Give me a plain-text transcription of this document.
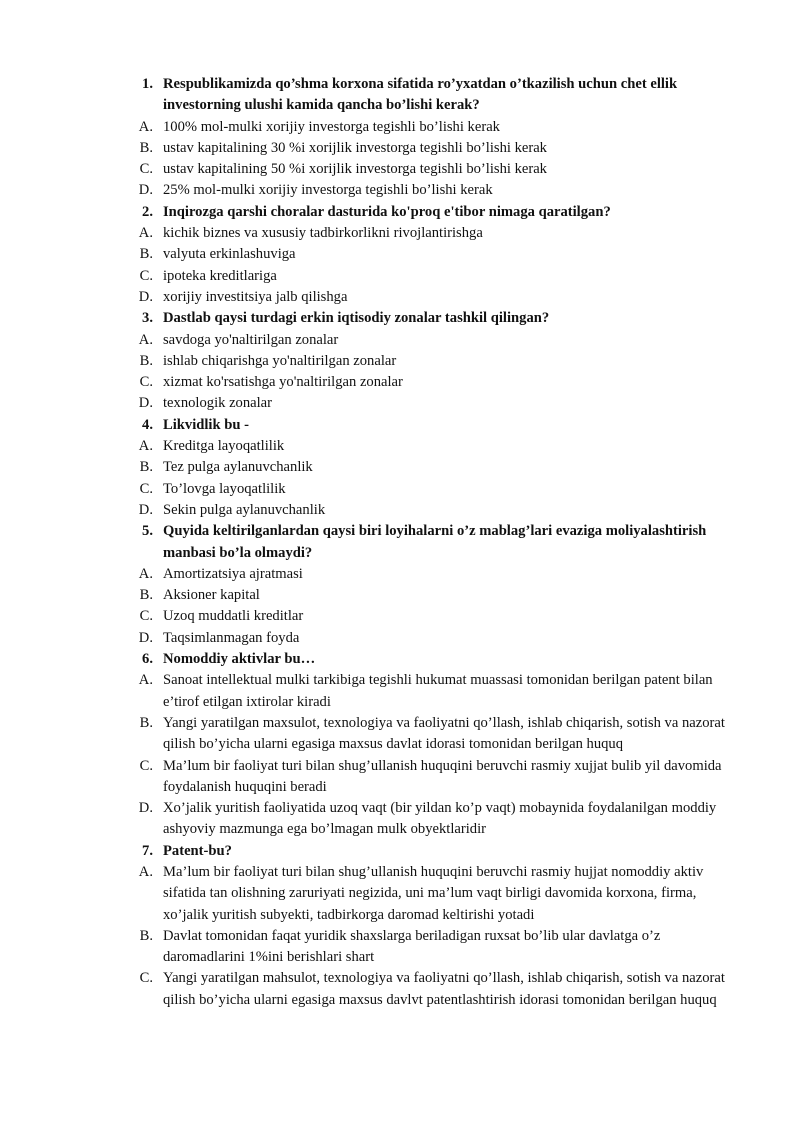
1. Respublikamizda qo’shma korxona sifatida ro’yxatdan o’tkazilish uchun chet ellik investorning ulushi kamida qancha bo’lishi kerak?
A. 100% mol-mulki xorijiy investorga tegishli bo’lishi kerak
B. ustav kapitalining 30 %i xorijlik investorga tegishli bo’lishi kerak
C. ustav kapitalining 50 %i xorijlik investorga tegishli bo’lishi kerak
D. 25% mol-mulki xorijiy investorga tegishli bo’lishi kerak
2. Inqirozga qarshi choralar dasturida ko'proq e'tibor nimaga qaratilgan?
A. kichik biznes va xususiy tadbirkorlikni rivojlantirishga
B. valyuta erkinlashuviga
C. ipoteka kreditlariga
D. xorijiy investitsiya jalb qilishga
3. Dastlab qaysi turdagi erkin iqtisodiy zonalar tashkil qilingan?
A. savdoga yo'naltirilgan zonalar
B. ishlab chiqarishga yo'naltirilgan zonalar
C. xizmat ko'rsatishga yo'naltirilgan zonalar
D. texnologik zonalar
4. Likvidlik bu -
A. Kreditga layoqatlilik
B. Tez pulga aylanuvchanlik
C. To’lovga layoqatlilik
D. Sekin pulga aylanuvchanlik
5. Quyida keltirilganlardan qaysi biri loyihalarni o’z mablag’lari evaziga moliyalashtirish manbasi bo’la olmaydi?
A. Amortizatsiya ajratmasi
B. Aksioner kapital
C. Uzoq muddatli kreditlar
D. Taqsimlanmagan foyda
6. Nomoddiy aktivlar bu…
A. Sanoat intellektual mulki tarkibiga tegishli hukumat muassasi tomonidan berilgan patent bilan e’tirof etilgan ixtirolar kiradi
B. Yangi yaratilgan maxsulot, texnologiya va faoliyatni qo’llash, ishlab chiqarish, sotish va nazorat qilish bo’yicha ularni egasiga maxsus davlat idorasi tomonidan berilgan huquq
C. Ma’lum bir faoliyat turi bilan shug’ullanish huquqini beruvchi rasmiy xujjat bulib yil davomida foydalanish huquqini beradi
D. Xo’jalik yuritish faoliyatida uzoq vaqt (bir yildan ko’p vaqt) mobaynida foydalanilgan moddiy ashyoviy mazmunga ega bo’lmagan mulk obyektlaridir
7. Patent-bu?
A. Ma’lum bir faoliyat turi bilan shug’ullanish huquqini beruvchi rasmiy hujjat nomoddiy aktiv sifatida tan olishning zaruriyati negizida, uni ma’lum vaqt birligi davomida korxona, firma, xo’jalik yuritish subyekti, tadbirkorga daromad keltirishi yotadi
B. Davlat tomonidan faqat yuridik shaxslarga beriladigan ruxsat bo’lib ular davlatga o’z daromadlarini 1%ini berishlari shart
C. Yangi yaratilgan mahsulot, texnologiya va faoliyatni qo’llash, ishlab chiqarish, sotish va nazorat qilish bo’yicha ularni egasiga maxsus davlvt patentlashtirish idorasi tomonidan berilgan huquq
